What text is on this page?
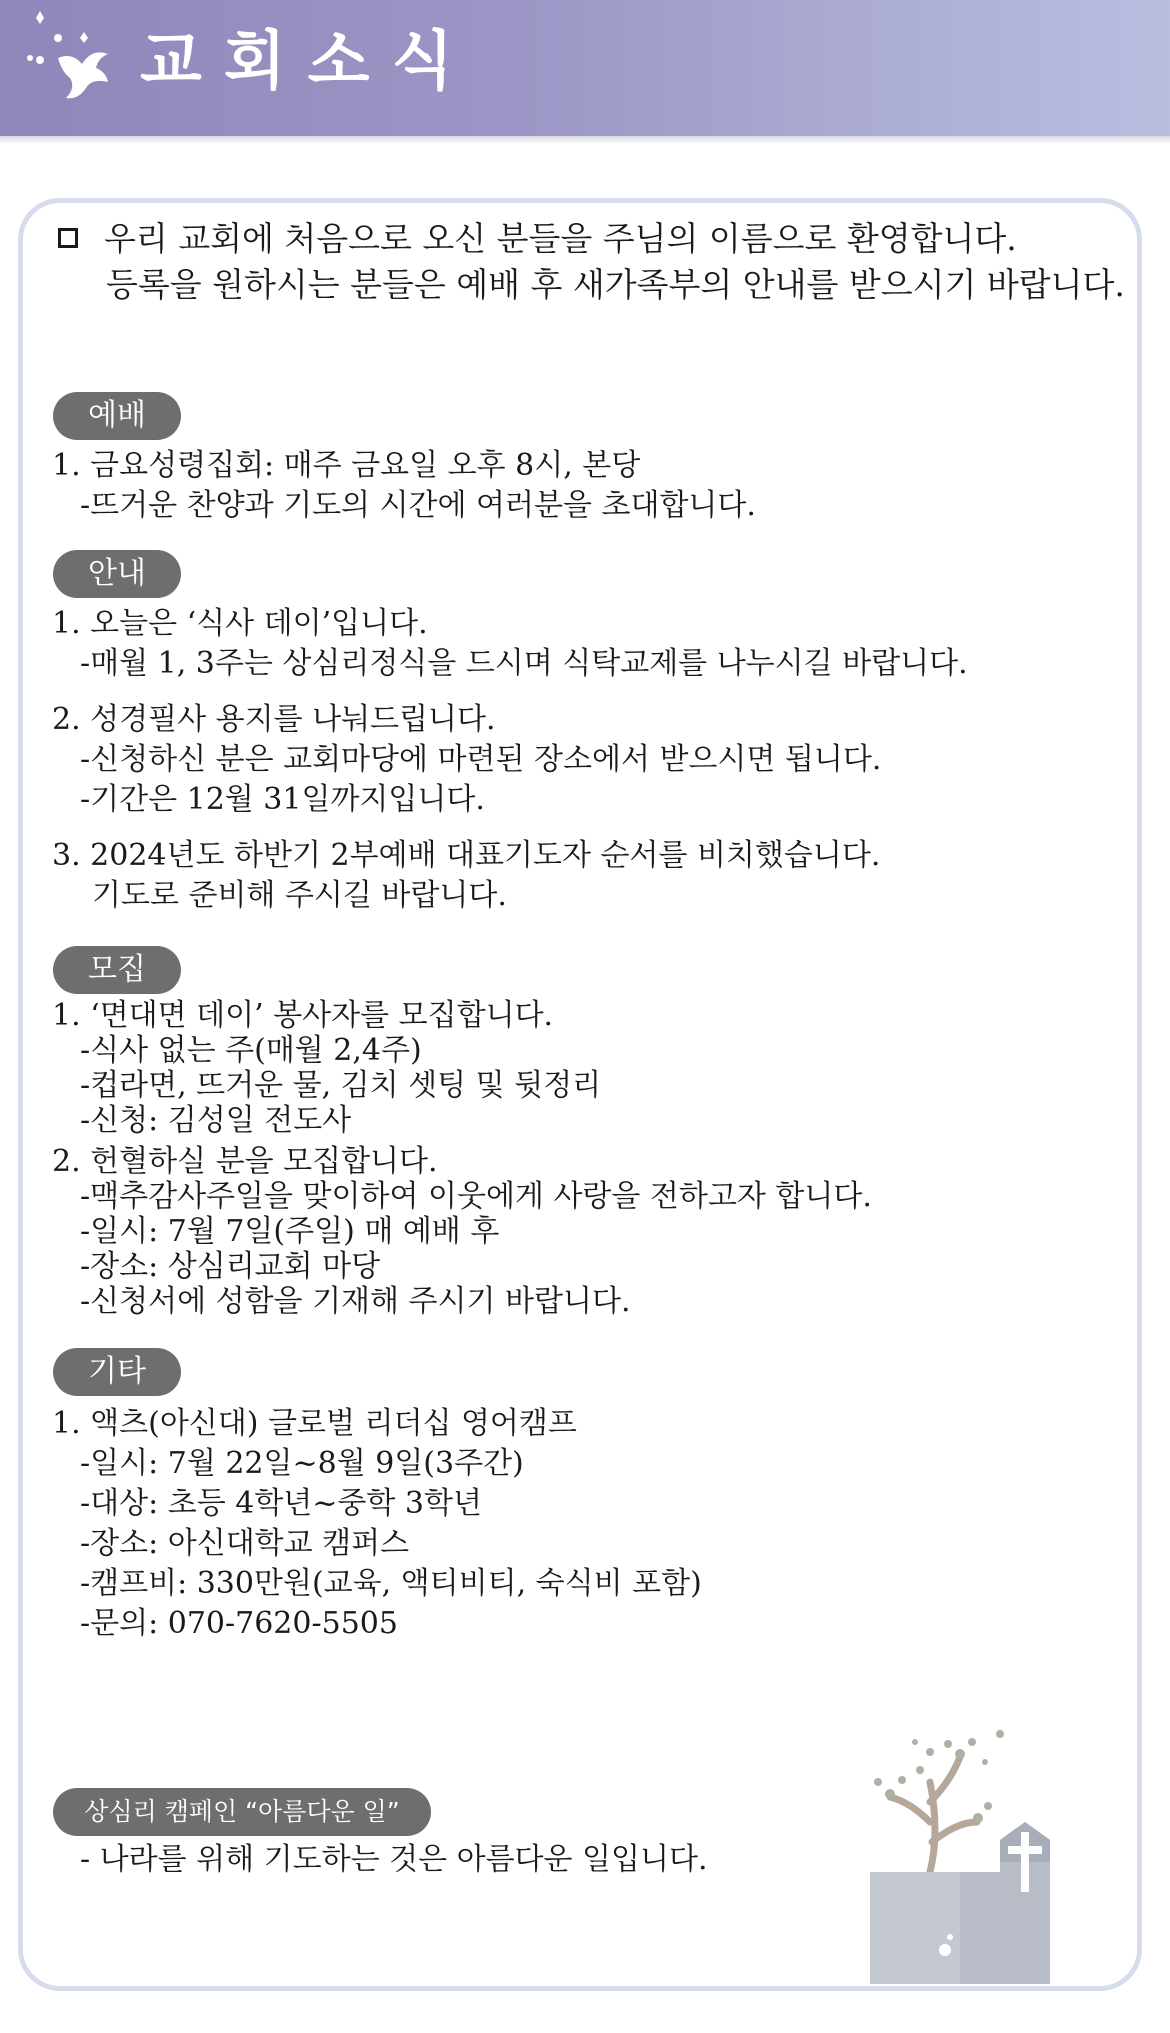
교회소식
우리 교회에 처음으로 오신 분들을 주님의 이름으로 환영합니다.
등록을 원하시는 분들은 예배 후 새가족부의 안내를 받으시기 바랍니다.
예배
1. 금요성령집회: 매주 금요일 오후 8시, 본당
-뜨거운 찬양과 기도의 시간에 여러분을 초대합니다.
안내
1. 오늘은 ‘식사 데이’입니다.
-매월 1, 3주는 상심리정식을 드시며 식탁교제를 나누시길 바랍니다.
2. 성경필사 용지를 나눠드립니다.
-신청하신 분은 교회마당에 마련된 장소에서 받으시면 됩니다.
-기간은 12월 31일까지입니다.
3. 2024년도 하반기 2부예배 대표기도자 순서를 비치했습니다.
기도로 준비해 주시길 바랍니다.
모집
1. ‘면대면 데이’ 봉사자를 모집합니다.
-식사 없는 주(매월 2,4주)
-컵라면, 뜨거운 물, 김치 셋팅 및 뒷정리
-신청: 김성일 전도사
2. 헌혈하실 분을 모집합니다.
-맥추감사주일을 맞이하여 이웃에게 사랑을 전하고자 합니다.
-일시: 7월 7일(주일) 매 예배 후
-장소: 상심리교회 마당
-신청서에 성함을 기재해 주시기 바랍니다.
기타
1. 액츠(아신대) 글로벌 리더십 영어캠프
-일시: 7월 22일~8월 9일(3주간)
-대상: 초등 4학년~중학 3학년
-장소: 아신대학교 캠퍼스
-캠프비: 330만원(교육, 액티비티, 숙식비 포함)
-문의: 070-7620-5505
상심리 캠페인 “아름다운 일”
- 나라를 위해 기도하는 것은 아름다운 일입니다.
